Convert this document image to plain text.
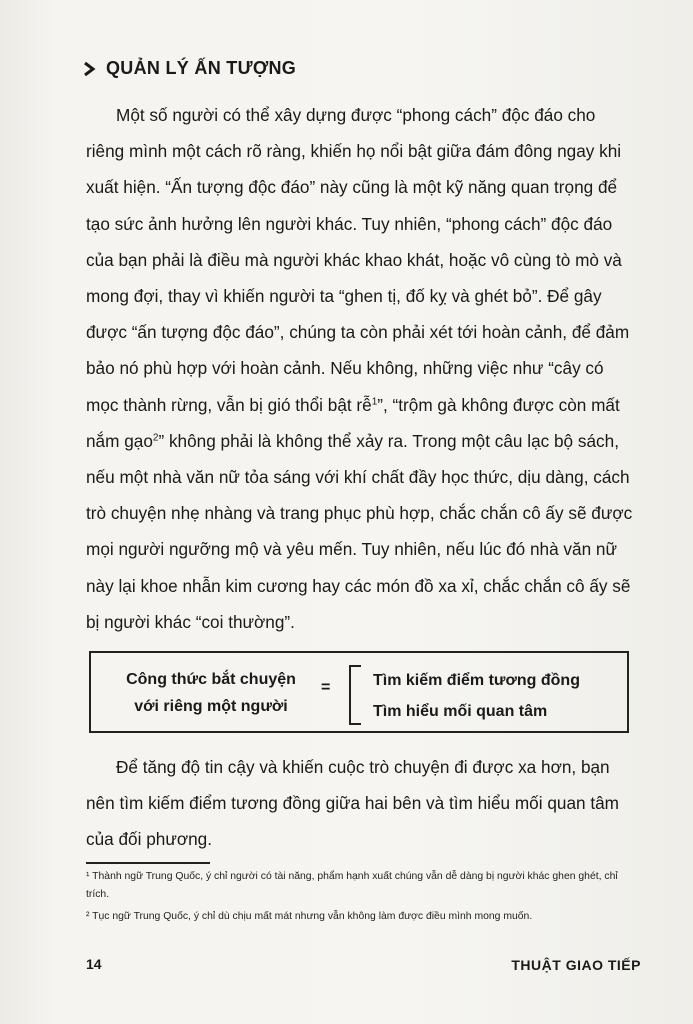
QUẢN LÝ ẤN TƯỢNG
Một số người có thể xây dựng được “phong cách” độc đáo cho
riêng mình một cách rõ ràng, khiến họ nổi bật giữa đám đông ngay khi
xuất hiện. “Ấn tượng độc đáo” này cũng là một kỹ năng quan trọng để
tạo sức ảnh hưởng lên người khác. Tuy nhiên, “phong cách” độc đáo
của bạn phải là điều mà người khác khao khát, hoặc vô cùng tò mò và
mong đợi, thay vì khiến người ta “ghen tị, đố kỵ và ghét bỏ”. Để gây
được “ấn tượng độc đáo”, chúng ta còn phải xét tới hoàn cảnh, để đảm
bảo nó phù hợp với hoàn cảnh. Nếu không, những việc như “cây có
mọc thành rừng, vẫn bị gió thổi bật rễ$^1$”, “trộm gà không được còn mất
nắm gạo$^2$” không phải là không thể xảy ra. Trong một câu lạc bộ sách,
nếu một nhà văn nữ tỏa sáng với khí chất đầy học thức, dịu dàng, cách
trò chuyện nhẹ nhàng và trang phục phù hợp, chắc chắn cô ấy sẽ được
mọi người ngưỡng mộ và yêu mến. Tuy nhiên, nếu lúc đó nhà văn nữ
này lại khoe nhẫn kim cương hay các món đồ xa xỉ, chắc chắn cô ấy sẽ
bị người khác “coi thường”.
Công thức bắt chuyện
với riêng một người
=	Tìm kiếm điểm tương đồng
Tìm hiểu mối quan tâm
Để tăng độ tin cậy và khiến cuộc trò chuyện đi được xa hơn, bạn
nên tìm kiếm điểm tương đồng giữa hai bên và tìm hiểu mối quan tâm
của đối phương.
¹ Thành ngữ Trung Quốc, ý chỉ người có tài năng, phẩm hạnh xuất chúng vẫn dễ dàng bị người khác ghen ghét, chỉ trích.
² Tục ngữ Trung Quốc, ý chỉ dù chịu mất mát nhưng vẫn không làm được điều mình mong muốn.
14	THUẬT GIAO TIẾP
